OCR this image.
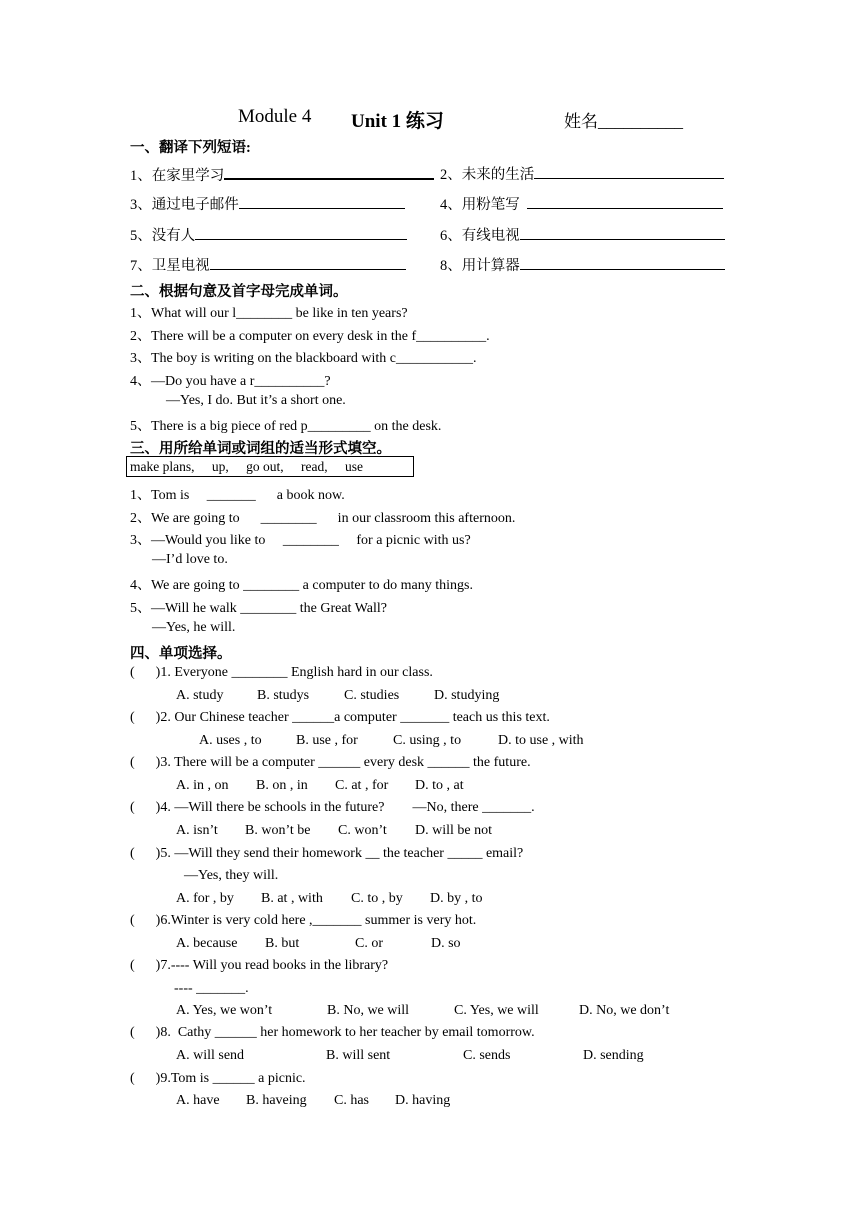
Module 4 Unit 1 练习	姓名__________
一、翻译下列短语:
1、在家里学习	2、未来的生活
3、通过电子邮件	4、用粉笔写
5、没有人	6、有线电视
7、卫星电视	8、用计算器
二、根据句意及首字母完成单词。
1、What will our l________ be like in ten years?
2、There will be a computer on every desk in the f__________.
3、The boy is writing on the blackboard with c___________.
4、—Do you have a r__________?
—Yes, I do. But it’s a short one.
5、There is a big piece of red p_________ on the desk.
三、用所给单词或词组的适当形式填空。
make plans, up, go out, read, use
1、Tom is     _______      a book now.
2、We are going to      ________      in our classroom this afternoon.
3、—Would you like to     ________     for a picnic with us?
—I’d love to.
4、We are going to ________ a computer to do many things.
5、—Will he walk ________ the Great Wall?
—Yes, he will.
四、单项选择。
(      )1. Everyone ________ English hard in our class.
A. study B. studys C. studies D. studying
(      )2. Our Chinese teacher ______a computer _______ teach us this text.
A. uses , to B. use , for	C. using , to	D. to use , with
(      )3. There will be a computer ______ every desk ______ the future.
A. in , on B. on , in C. at , for D. to , at
(      )4. —Will there be schools in the future?        —No, there _______.
A. isn’t B. won’t be C. won’t D. will be not
(      )5. —Will they send their homework __ the teacher _____ email?
—Yes, they will.
A. for , by B. at , with C. to , by D. by , to
(      )6.Winter is very cold here ,_______ summer is very hot.
A. because B. but	C. or	D. so
(      )7.---- Will you read books in the library?
---- _______.
A. Yes, we won’t	B. No, we will	C. Yes, we will	D. No, we don’t
(      )8.  Cathy ______ her homework to her teacher by email tomorrow.
A. will send	B. will sent	C. sends	D. sending
(      )9.Tom is ______ a picnic.
A. have B. haveing C. has D. having
